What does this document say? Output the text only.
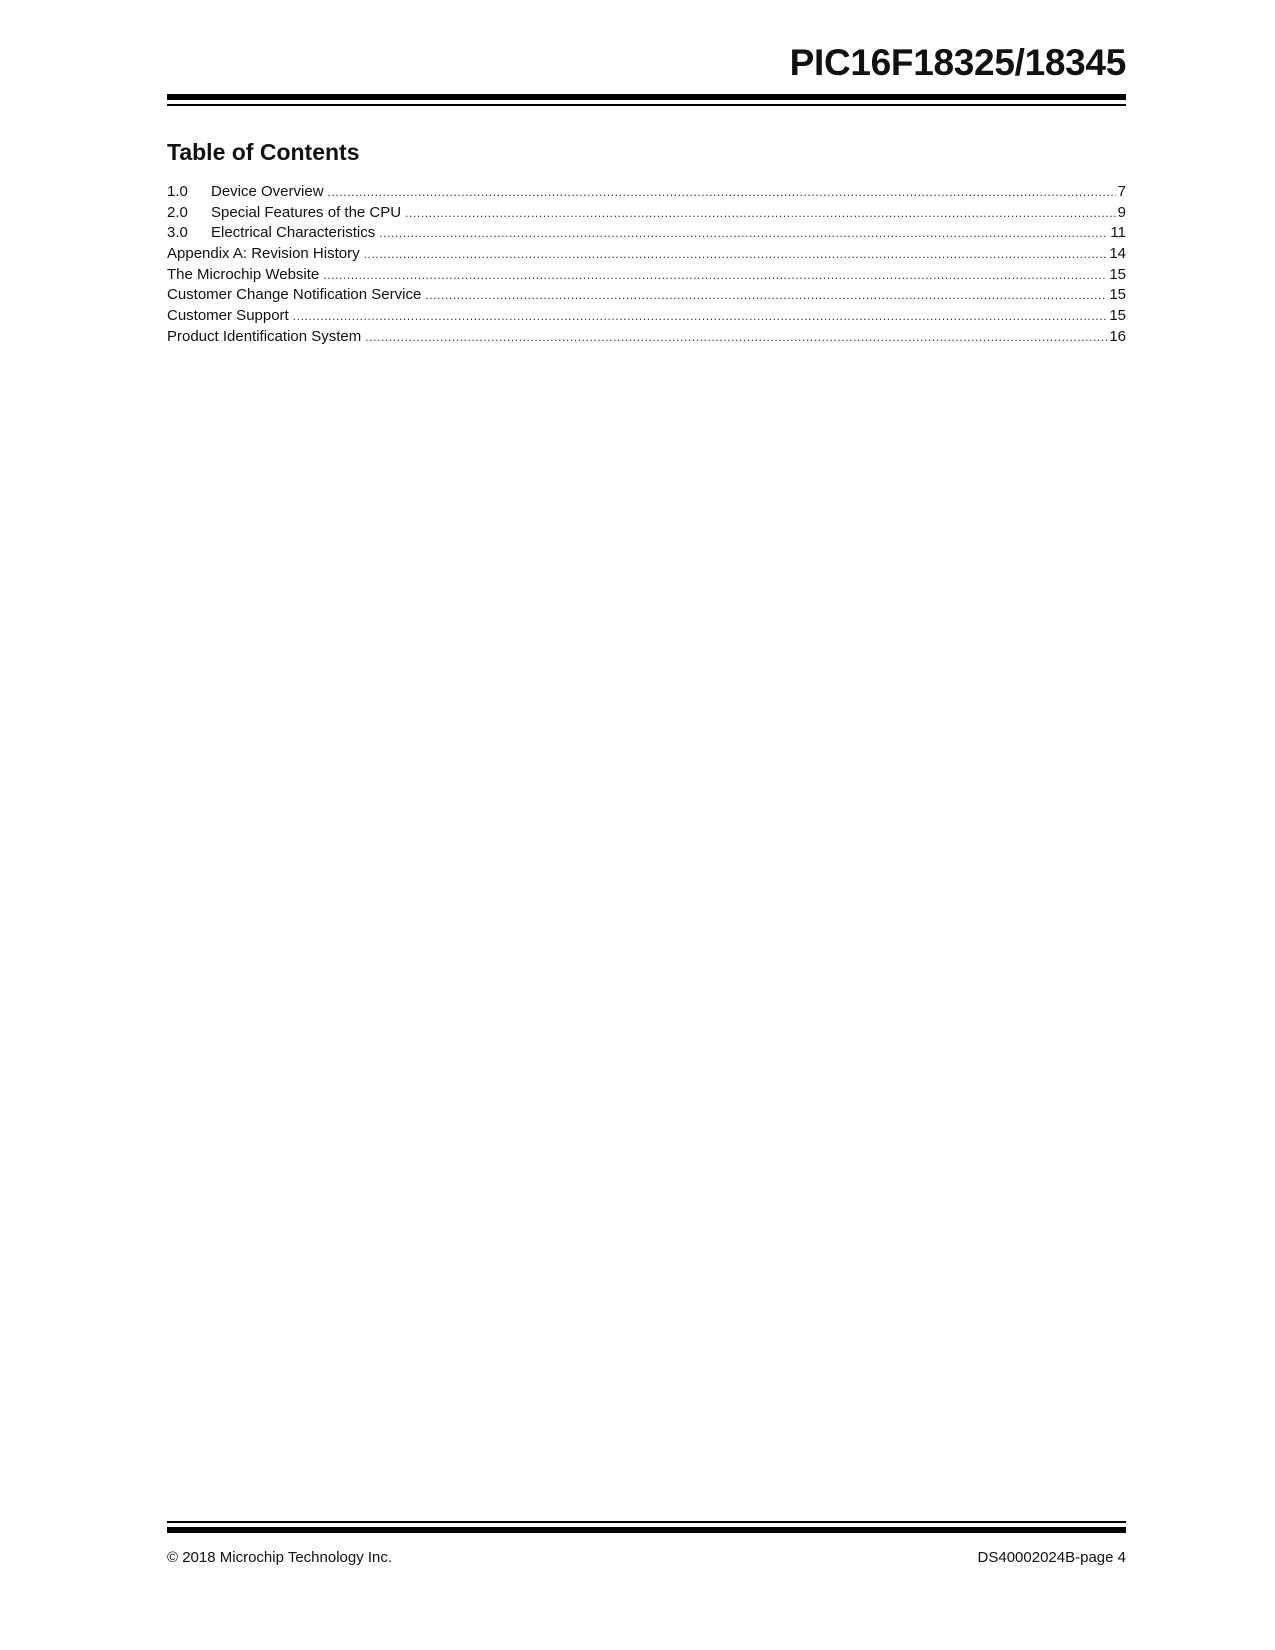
PIC16F18325/18345
Table of Contents
1.0	Device Overview .....	7
2.0	Special Features of the CPU .....	9
3.0	Electrical Characteristics .....	11
Appendix A: Revision History .....	14
The Microchip Website .....	15
Customer Change Notification Service .....	15
Customer Support .....	15
Product Identification System .....	16
© 2018 Microchip Technology Inc.	DS40002024B-page 4
